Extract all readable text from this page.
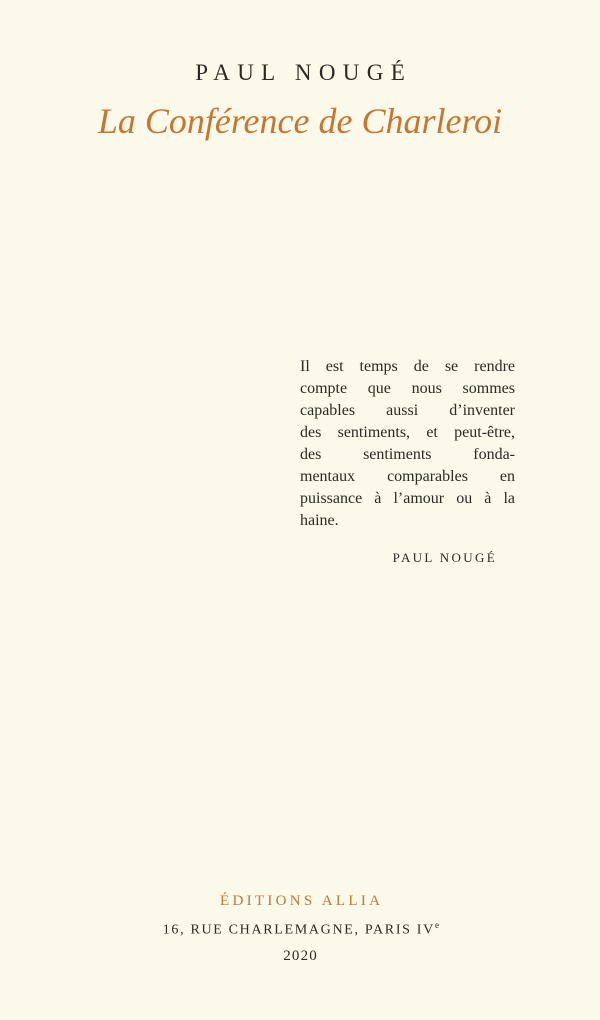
PAUL NOUGÉ
La Conférence de Charleroi
Il est temps de se rendre
compte que nous sommes
capables aussi d’inventer
des sentiments, et peut-être,
des sentiments fonda-
mentaux comparables en
puissance à l’amour ou à la
haine.
PAUL NOUGÉ
ÉDITIONS ALLIA
16, RUE CHARLEMAGNE, PARIS IVe
2020
